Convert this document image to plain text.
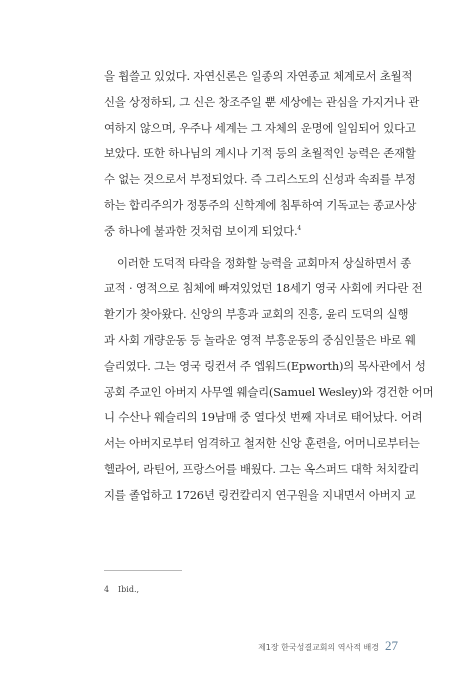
을 휩쓸고 있었다. 자연신론은 일종의 자연종교 체계로서 초월적
신을 상정하되, 그 신은 창조주일 뿐 세상에는 관심을 가지거나 관
여하지 않으며, 우주나 세계는 그 자체의 운명에 일임되어 있다고
보았다. 또한 하나님의 계시나 기적 등의 초월적인 능력은 존재할
수 없는 것으로서 부정되었다. 즉 그리스도의 신성과 속죄를 부정
하는 합리주의가 정통주의 신학계에 침투하여 기독교는 종교사상
중 하나에 불과한 것처럼 보이게 되었다.$^4$
이러한 도덕적 타락을 정화할 능력을 교회마저 상실하면서 종
교적 · 영적으로 침체에 빠져있었던 18세기 영국 사회에 커다란 전
환기가 찾아왔다. 신앙의 부흥과 교회의 진흥, 윤리 도덕의 실행
과 사회 개량운동 등 놀라운 영적 부흥운동의 중심인물은 바로 웨
슬리였다. 그는 영국 링컨셔 주 엡워드(Epworth)의 목사관에서 성
공회 주교인 아버지 사무엘 웨슬리(Samuel Wesley)와 경건한 어머
니 수산나 웨슬리의 19남매 중 열다섯 번째 자녀로 태어났다. 어려
서는 아버지로부터 엄격하고 철저한 신앙 훈련을, 어머니로부터는
헬라어, 라틴어, 프랑스어를 배웠다. 그는 옥스퍼드 대학 처치칼리
지를 졸업하고 1726년 링컨칼리지 연구원을 지내면서 아버지 교
4 Ibid.,
제1장 한국성결교회의 역사적 배경 27
